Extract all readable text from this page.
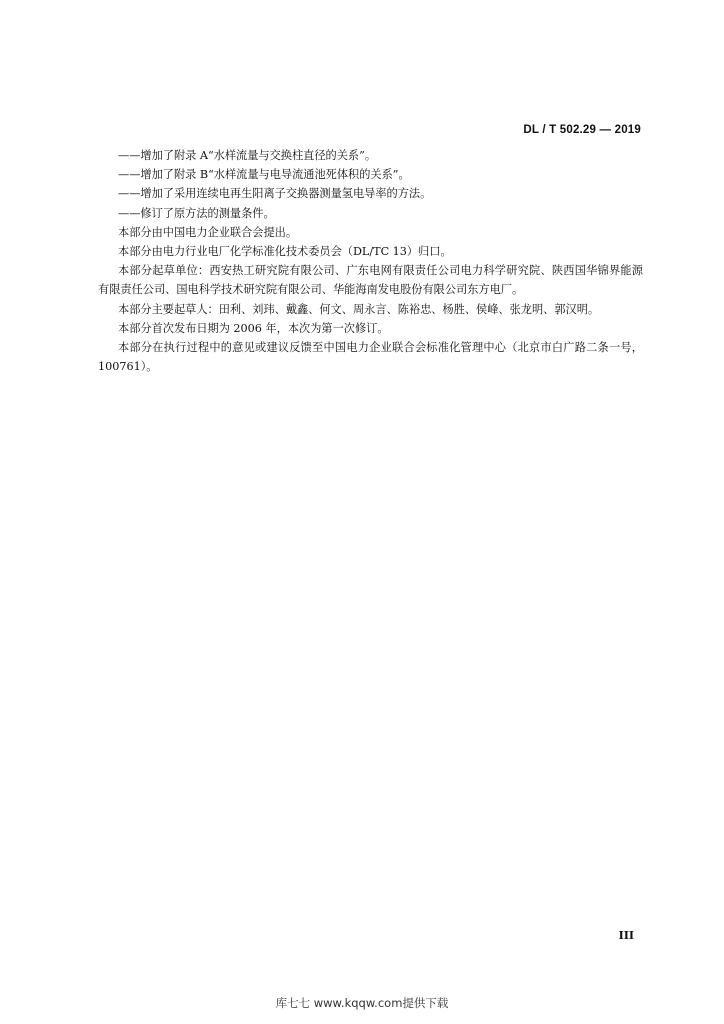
DL / T 502.29 — 2019
——增加了附录 A“水样流量与交换柱直径的关系”。
——增加了附录 B“水样流量与电导流通池死体积的关系”。
——增加了采用连续电再生阳离子交换器测量氢电导率的方法。
——修订了原方法的测量条件。
本部分由中国电力企业联合会提出。
本部分由电力行业电厂化学标准化技术委员会（DL/TC 13）归口。
本部分起草单位：西安热工研究院有限公司、广东电网有限责任公司电力科学研究院、陕西国华锦界能源有限责任公司、国电科学技术研究院有限公司、华能海南发电股份有限公司东方电厂。
本部分主要起草人：田利、刘玮、戴鑫、何文、周永言、陈裕忠、杨胜、侯峰、张龙明、郭汉明。
本部分首次发布日期为 2006 年，本次为第一次修订。
本部分在执行过程中的意见或建议反馈至中国电力企业联合会标准化管理中心（北京市白广路二条一号，100761）。
III
库七七 www.kqqw.com提供下载
